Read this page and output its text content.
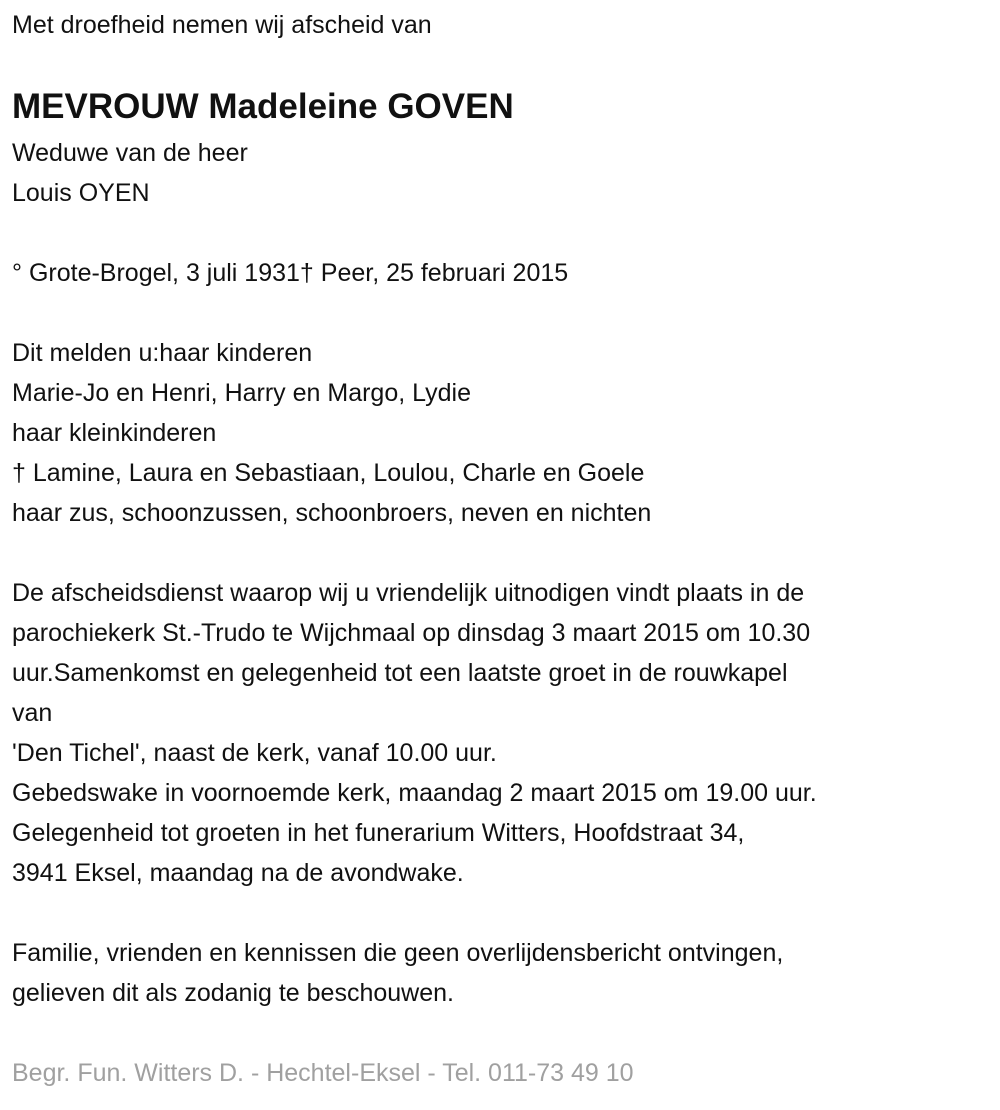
Met droefheid nemen wij afscheid van
MEVROUW Madeleine GOVEN
Weduwe van de heer
Louis OYEN
° Grote-Brogel, 3 juli 1931† Peer, 25 februari 2015
Dit melden u:haar kinderen
Marie-Jo en Henri, Harry en Margo, Lydie
haar kleinkinderen
† Lamine, Laura en Sebastiaan, Loulou, Charle en Goele
haar zus, schoonzussen, schoonbroers, neven en nichten
De afscheidsdienst waarop wij u vriendelijk uitnodigen vindt plaats in de
parochiekerk St.-Trudo te Wijchmaal op dinsdag 3 maart 2015 om 10.30
uur.Samenkomst en gelegenheid tot een laatste groet in de rouwkapel
van
'Den Tichel', naast de kerk, vanaf 10.00 uur.
Gebedswake in voornoemde kerk, maandag 2 maart 2015 om 19.00 uur.
Gelegenheid tot groeten in het funerarium Witters, Hoofdstraat 34,
3941 Eksel, maandag na de avondwake.
Familie, vrienden en kennissen die geen overlijdensbericht ontvingen,
gelieven dit als zodanig te beschouwen.
Begr. Fun. Witters D. - Hechtel-Eksel - Tel. 011-73 49 10
